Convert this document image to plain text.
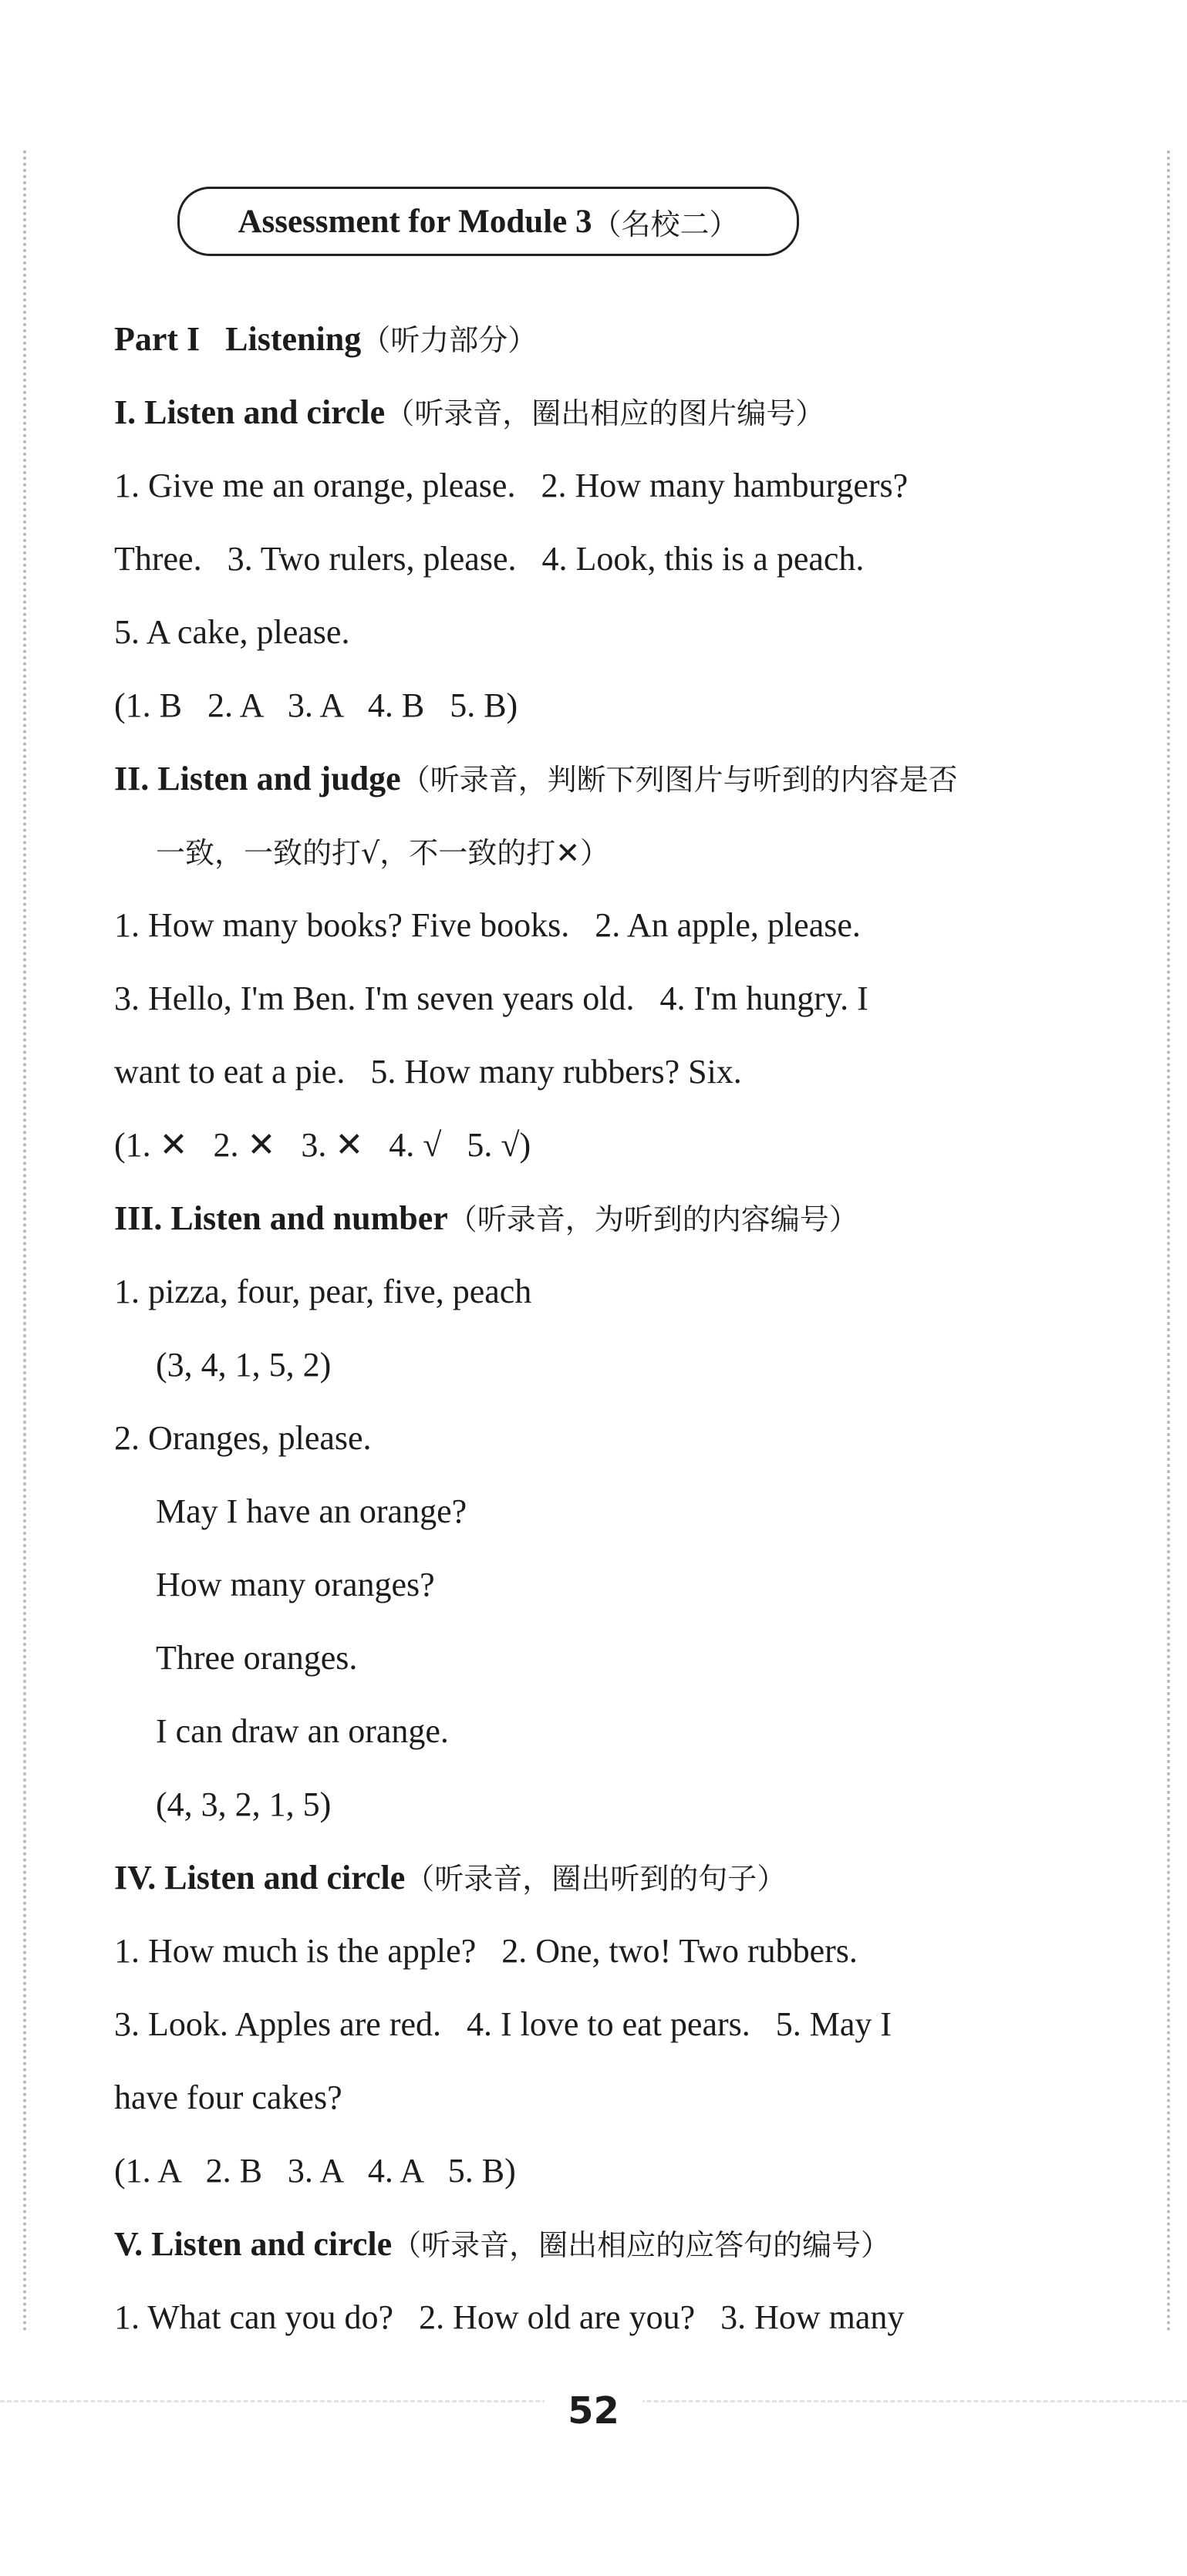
Assessment for Module 3 （名校二）
Part I   Listening（听力部分）
I. Listen and circle（听录音，圈出相应的图片编号）
1. Give me an orange, please.   2. How many hamburgers?
Three.   3. Two rulers, please.   4. Look, this is a peach.
5. A cake, please.
(1. B   2. A   3. A   4. B   5. B)
II. Listen and judge（听录音，判断下列图片与听到的内容是否
一致，一致的打√，不一致的打✕）
1. How many books? Five books.   2. An apple, please.
3. Hello, I'm Ben. I'm seven years old.   4. I'm hungry. I
want to eat a pie.   5. How many rubbers? Six.
(1. ✕   2. ✕   3. ✕   4. √   5. √)
III. Listen and number（听录音，为听到的内容编号）
1. pizza, four, pear, five, peach
(3, 4, 1, 5, 2)
2. Oranges, please.
May I have an orange?
How many oranges?
Three oranges.
I can draw an orange.
(4, 3, 2, 1, 5)
IV. Listen and circle（听录音，圈出听到的句子）
1. How much is the apple?   2. One, two! Two rubbers.
3. Look. Apples are red.   4. I love to eat pears.   5. May I
have four cakes?
(1. A   2. B   3. A   4. A   5. B)
V. Listen and circle（听录音，圈出相应的应答句的编号）
1. What can you do?   2. How old are you?   3. How many
52
